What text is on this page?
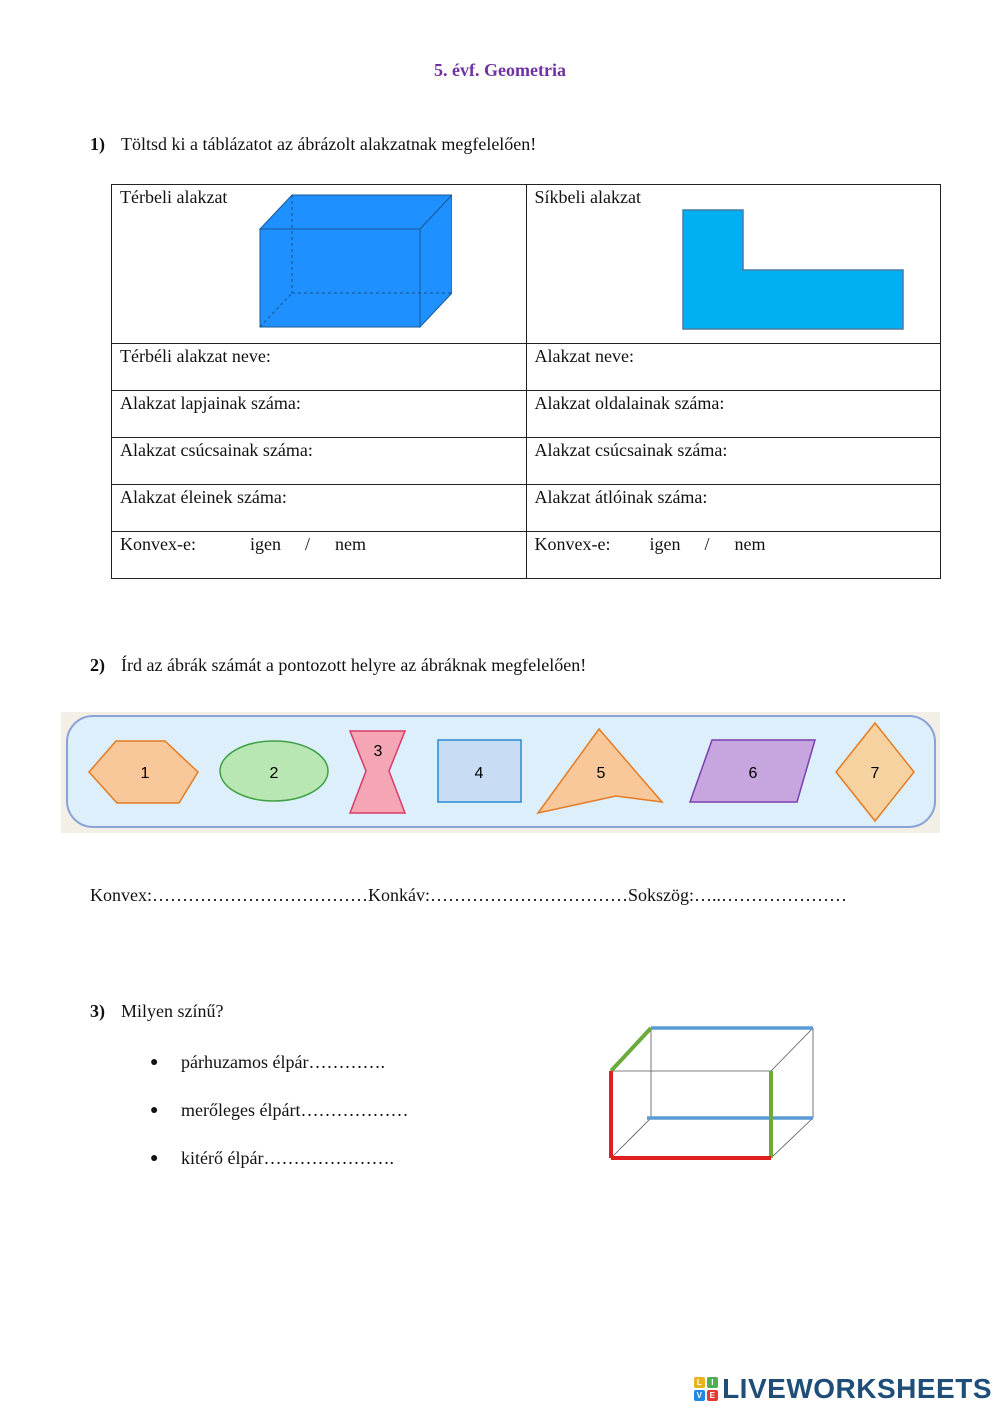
5. évf. Geometria
1) Töltsd ki a táblázatot az ábrázolt alakzatnak megfelelően!
Térbeli alakzat	Síkbeli alakzat

Térbéli alakzat neve:	Alakzat neve:
Alakzat lapjainak száma:	Alakzat oldalainak száma:
Alakzat csúcsainak száma:	Alakzat csúcsainak száma:
Alakzat éleinek száma:	Alakzat átlóinak száma:
Konvex-e: igen / nem	Konvex-e: igen / nem
2) Írd az ábrák számát a pontozott helyre az ábráknak megfelelően!
1	2
3
4	5	6	7
Konvex:………………………………Konkáv:……………………………Sokszög:…..…………………
3) Milyen színű?
●	párhuzamos élpár………….
●	merőleges élpárt………………
●	kitérő élpár………………….
L	I
V E LIVEWORKSHEETS
